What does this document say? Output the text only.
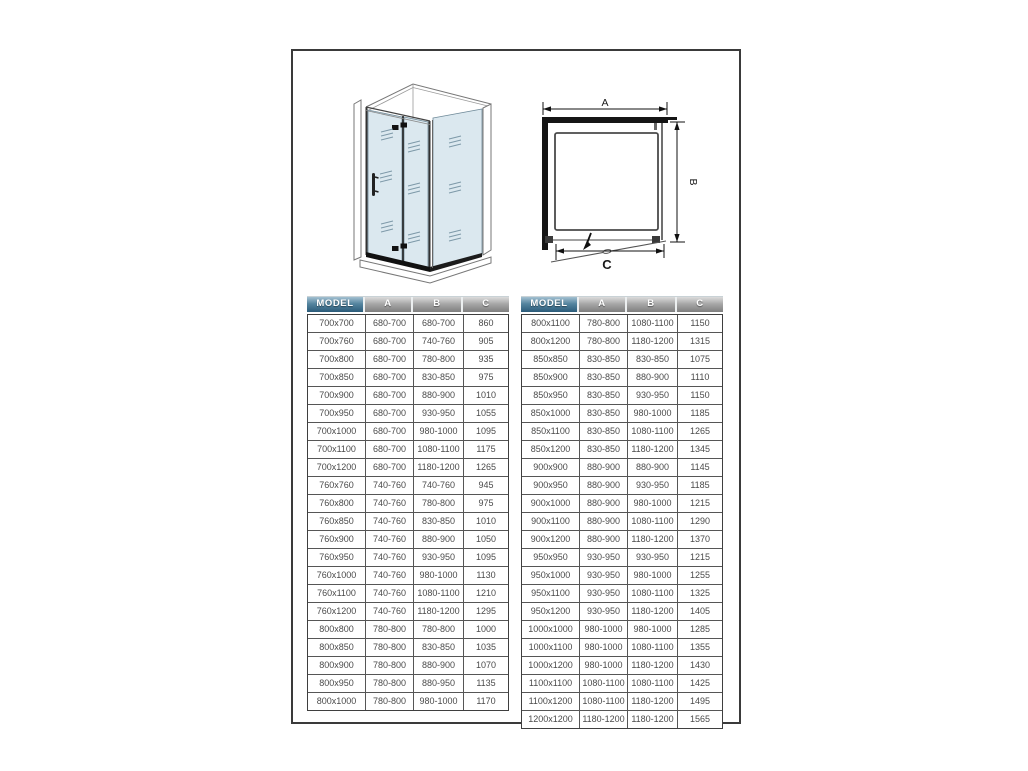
A
B
C
MODEL	A	B	C
700x700	680-700	680-700	860
700x760	680-700	740-760	905
700x800	680-700	780-800	935
700x850	680-700	830-850	975
700x900	680-700	880-900	1010
700x950	680-700	930-950	1055
700x1000	680-700	980-1000	1095
700x1100	680-700	1080-1100	1175
700x1200	680-700	1180-1200	1265
760x760	740-760	740-760	945
760x800	740-760	780-800	975
760x850	740-760	830-850	1010
760x900	740-760	880-900	1050
760x950	740-760	930-950	1095
760x1000	740-760	980-1000	1130
760x1100	740-760	1080-1100	1210
760x1200	740-760	1180-1200	1295
800x800	780-800	780-800	1000
800x850	780-800	830-850	1035
800x900	780-800	880-900	1070
800x950	780-800	880-950	1135
800x1000	780-800	980-1000	1170
MODEL	A	B	C
800x1100	780-800	1080-1100	1150
800x1200	780-800	1180-1200	1315
850x850	830-850	830-850	1075
850x900	830-850	880-900	1110
850x950	830-850	930-950	1150
850x1000	830-850	980-1000	1185
850x1100	830-850	1080-1100	1265
850x1200	830-850	1180-1200	1345
900x900	880-900	880-900	1145
900x950	880-900	930-950	1185
900x1000	880-900	980-1000	1215
900x1100	880-900	1080-1100	1290
900x1200	880-900	1180-1200	1370
950x950	930-950	930-950	1215
950x1000	930-950	980-1000	1255
950x1100	930-950	1080-1100	1325
950x1200	930-950	1180-1200	1405
1000x1000	980-1000	980-1000	1285
1000x1100	980-1000 1080-1100	1355
1000x1200	980-1000 1180-1200	1430
1100x1100	1080-1100 1080-1100	1425
1100x1200	1080-1100 1180-1200	1495
1200x1200	1180-1200 1180-1200	1565
